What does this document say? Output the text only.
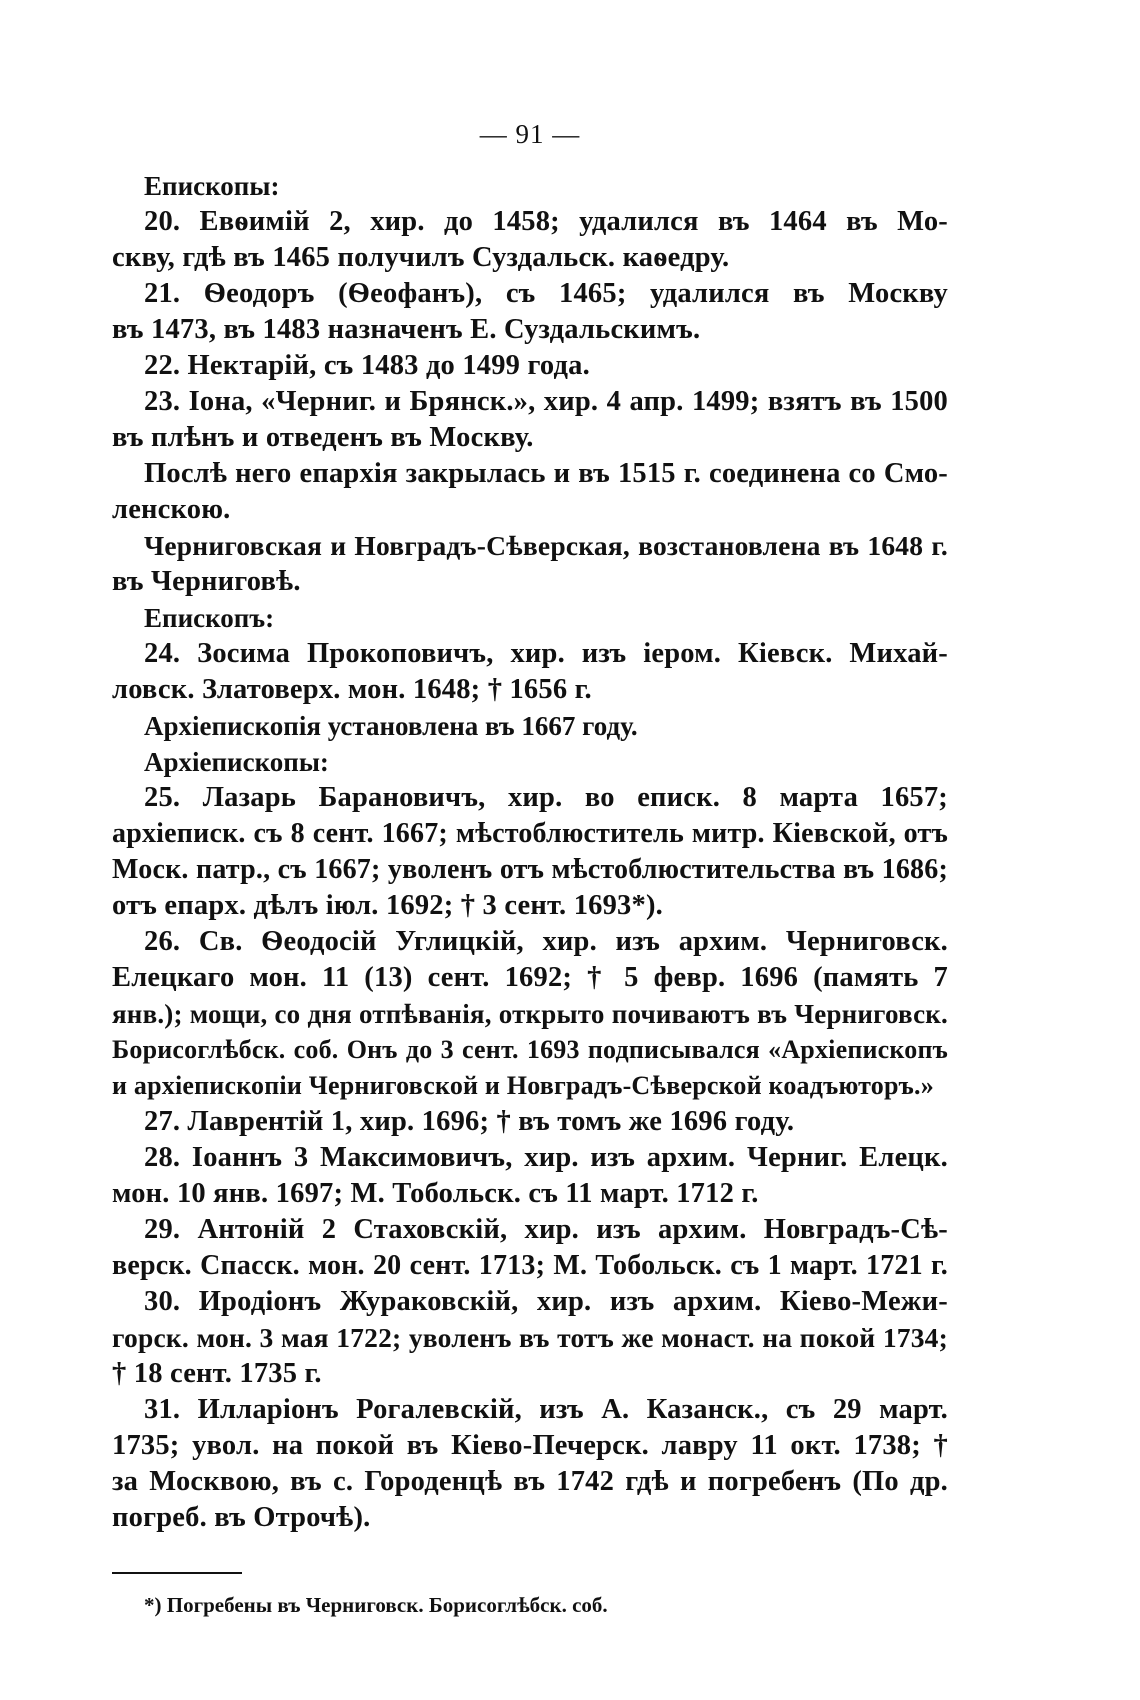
— 91 —
Епископы:
20. Евѳимій 2, хир. до 1458; удалился въ 1464 въ Мо-
скву, гдѣ въ 1465 получилъ Суздальск. каѳедру.
21. Ѳеодоръ (Ѳеофанъ), съ 1465; удалился въ Москву
въ 1473, въ 1483 назначенъ Е. Суздальскимъ.
22. Нектарій, съ 1483 до 1499 года.
23. Іона, «Черниг. и Брянск.», хир. 4 апр. 1499; взятъ въ 1500
въ плѣнъ и отведенъ въ Москву.
Послѣ него епархія закрылась и въ 1515 г. соединена со Смо-
ленскою.
Черниговская и Новградъ-Сѣверская, возстановлена въ 1648 г.
въ Черниговѣ.
Епископъ:
24. Зосима Прокоповичъ, хир. изъ іером. Кіевск. Михай-
ловск. Златоверх. мон. 1648; † 1656 г.
Архіепископія установлена въ 1667 году.
Архіепископы:
25. Лазарь Барановичъ, хир. во еписк. 8 марта 1657;
архіеписк. съ 8 сент. 1667; мѣстоблюститель митр. Кіевской, отъ
Моск. патр., съ 1667; уволенъ отъ мѣстоблюстительства въ 1686;
отъ епарх. дѣлъ іюл. 1692; † 3 сент. 1693*).
26. Св. Ѳеодосій Углицкій, хир. изъ архим. Черниговск.
Елецкаго мон. 11 (13) сент. 1692; † 5 февр. 1696 (память 7
янв.); мощи, со дня отпѣванія, открыто почиваютъ въ Черниговск.
Борисоглѣбск. соб. Онъ до 3 сент. 1693 подписывался «Архіепископъ
и архіепископіи Черниговской и Новградъ-Сѣверской коадъюторъ.»
27. Лаврентій 1, хир. 1696; † въ томъ же 1696 году.
28. Іоаннъ 3 Максимовичъ, хир. изъ архим. Черниг. Елецк.
мон. 10 янв. 1697; М. Тобольск. съ 11 март. 1712 г.
29. Антоній 2 Стаховскій, хир. изъ архим. Новградъ-Сѣ-
верск. Спасск. мон. 20 сент. 1713; М. Тобольск. съ 1 март. 1721 г.
30. Иродіонъ Жураковскій, хир. изъ архим. Кіево-Межи-
горск. мон. 3 мая 1722; уволенъ въ тотъ же монаст. на покой 1734;
† 18 сент. 1735 г.
31. Илларіонъ Рогалевскій, изъ А. Казанск., съ 29 март.
1735; увол. на покой въ Кіево-Печерск. лавру 11 окт. 1738; †
за Москвою, въ с. Городенцѣ въ 1742 гдѣ и погребенъ (По др.
погреб. въ Отрочѣ).
*) Погребены въ Черниговск. Борисоглѣбск. соб.
